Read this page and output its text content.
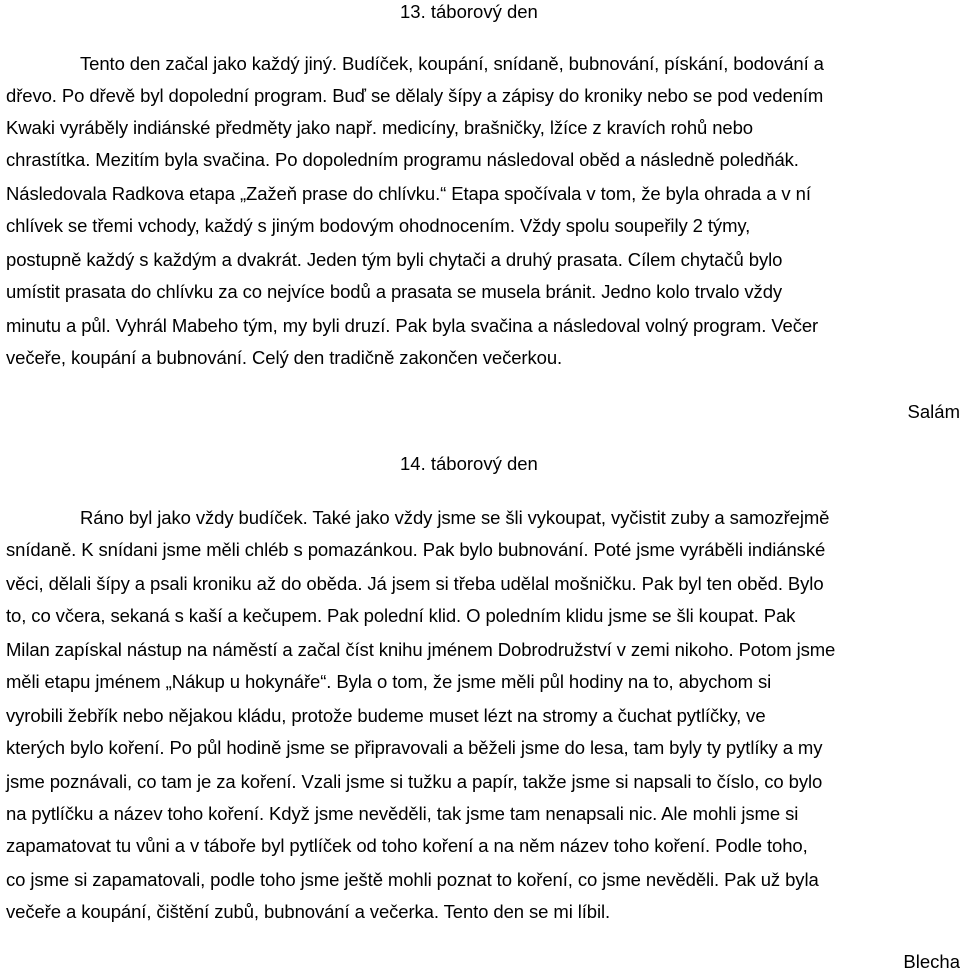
13. táborový den
Tento den začal jako každý jiný. Budíček, koupání, snídaně, bubnování, pískání, bodování a
dřevo. Po dřevě byl dopolední program. Buď se dělaly šípy a zápisy do kroniky nebo se pod vedením
Kwaki vyráběly indiánské předměty jako např. medicíny, brašničky, lžíce z kravích rohů nebo
chrastítka. Mezitím byla svačina. Po dopoledním programu následoval oběd a následně poledňák.
Následovala Radkova etapa „Zažeň prase do chlívku.“ Etapa spočívala v tom, že byla ohrada a v ní
chlívek se třemi vchody, každý s jiným bodovým ohodnocením. Vždy spolu soupeřily 2 týmy,
postupně každý s každým a dvakrát. Jeden tým byli chytači a druhý prasata. Cílem chytačů bylo
umístit prasata do chlívku za co nejvíce bodů a prasata se musela bránit. Jedno kolo trvalo vždy
minutu a půl. Vyhrál Mabeho tým, my byli druzí. Pak byla svačina a následoval volný program. Večer
večeře, koupání a bubnování. Celý den tradičně zakončen večerkou.
Salám
14. táborový den
Ráno byl jako vždy budíček. Také jako vždy jsme se šli vykoupat, vyčistit zuby a samozřejmě
snídaně. K snídani jsme měli chléb s pomazánkou. Pak bylo bubnování. Poté jsme vyráběli indiánské
věci, dělali šípy a psali kroniku až do oběda. Já jsem si třeba udělal mošničku. Pak byl ten oběd. Bylo
to, co včera, sekaná s kaší a kečupem. Pak polední klid. O poledním klidu jsme se šli koupat. Pak
Milan zapískal nástup na náměstí a začal číst knihu jménem Dobrodružství v zemi nikoho. Potom jsme
měli etapu jménem „Nákup u hokynáře“. Byla o tom, že jsme měli půl hodiny na to, abychom si
vyrobili žebřík nebo nějakou kládu, protože budeme muset lézt na stromy a čuchat pytlíčky, ve
kterých bylo koření. Po půl hodině jsme se připravovali a běželi jsme do lesa, tam byly ty pytlíky a my
jsme poznávali, co tam je za koření. Vzali jsme si tužku a papír, takže jsme si napsali to číslo, co bylo
na pytlíčku a název toho koření. Když jsme nevěděli, tak jsme tam nenapsali nic. Ale mohli jsme si
zapamatovat tu vůni a v táboře byl pytlíček od toho koření a na něm název toho koření. Podle toho,
co jsme si zapamatovali, podle toho jsme ještě mohli poznat to koření, co jsme nevěděli. Pak už byla
večeře a koupání, čištění zubů, bubnování a večerka. Tento den se mi líbil.
Blecha
